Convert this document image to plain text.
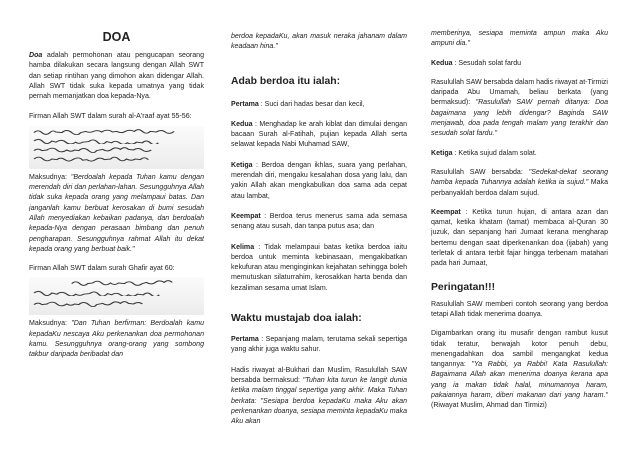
DOA

Doa adalah permohonan atau pengucapan seorang hamba dilakukan secara langsung dengan Allah SWT dan setiap rintihan yang dimohon akan didengar Allah. Allah SWT tidak suka kepada umatnya yang tidak pernah memanjatkan doa kepada-Nya.

Firman Allah SWT dalam surah al-A'raaf ayat 55-56:

Maksudnya: "Berdoalah kepada Tuhan kamu dengan merendah diri dan perlahan-lahan. Sesungguhnya Allah tidak suka kepada orang yang melampaui batas. Dan janganlah kamu berbuat kerosakan di bumi sesudah Allah menyediakan kebaikan padanya, dan berdoalah kepada-Nya dengan perasaan bimbang dan penuh pengharapan. Sesungguhnya rahmat Allah itu dekat kepada orang yang berbuat baik."

Firman Allah SWT dalam surah Ghafir ayat 60:

Maksudnya: "Dan Tuhan berfirman: Berdoalah kamu kepadaKu nescaya Aku perkenankan doa permohonan kamu. Sesungguhnya orang-orang yang sombong takbur daripada beribadat dan

berdoa kepadaKu, akan masuk neraka jahanam dalam keadaan hina."

Adab berdoa itu ialah:

Pertama : Suci dari hadas besar dan kecil,

Kedua : Menghadap ke arah kiblat dan dimulai dengan bacaan Surah al-Fatihah, pujian kepada Allah serta selawat kepada Nabi Muhamad SAW,

Ketiga : Berdoa dengan ikhlas, suara yang perlahan, merendah diri, mengaku kesalahan dosa yang lalu, dan yakin Allah akan mengkabulkan doa sama ada cepat atau lambat,

Keempat : Berdoa terus menerus sama ada semasa senang atau susah, dan tanpa putus asa; dan

Kelima : Tidak melampaui batas ketika berdoa iaitu berdoa untuk meminta kebinasaan, mengakibatkan kekufuran atau menginginkan kejahatan sehingga boleh memutuskan silaturrahim, kerosakkan harta benda dan kezaliman sesama umat Islam.

Waktu mustajab doa ialah:

Pertama : Sepanjang malam, terutama sekali sepertiga yang akhir juga waktu sahur.

Hadis riwayat al-Bukhari dan Muslim, Rasulullah SAW bersabda bermaksud: "Tuhan kita turun ke langit dunia ketika malam tinggal sepertiga yang akhir. Maka Tuhan berkata: "Sesiapa berdoa kepadaKu maka Aku akan perkenankan doanya, sesiapa meminta kepadaKu maka Aku akan

memberinya, sesiapa meminta ampun maka Aku ampuni dia."

Kedua : Sesudah solat fardu

Rasulullah SAW bersabda dalam hadis riwayat at-Tirmizi daripada Abu Umamah, beliau berkata (yang bermaksud): "Rasulullah SAW pernah ditanya: Doa bagaimana yang lebih didengar? Baginda SAW menjawab, doa pada tengah malam yang terakhir dan sesudah solat fardu."

Ketiga : Ketika sujud dalam solat.

Rasulullah SAW bersabda: "Sedekat-dekat seorang hamba kepada Tuhannya adalah ketika ia sujud." Maka perbanyaklah berdoa dalam sujud.

Keempat : Ketika turun hujan, di antara azan dan qamat, ketika khatam (tamat) membaca al-Quran 30 juzuk, dan sepanjang hari Jumaat kerana mengharap bertemu dengan saat diperkenankan doa (ijabah) yang terletak di antara terbit fajar hingga terbenam matahari pada hari Jumaat,

Peringatan!!!

Rasulullah SAW memberi contoh seorang yang berdoa tetapi Allah tidak menerima doanya.

Digambarkan orang itu musafir dengan rambut kusut tidak teratur, berwajah kotor penuh debu, menengadahkan doa sambil mengangkat kedua tangannya: "Ya Rabbi, ya Rabbi! Kata Rasulullah: Bagaimana Allah akan menerima doanya kerana apa yang ia makan tidak halal, minumannya haram, pakaiannya haram, diberi makanan dari yang haram." (Riwayat Muslim, Ahmad dan Tirmizi)
